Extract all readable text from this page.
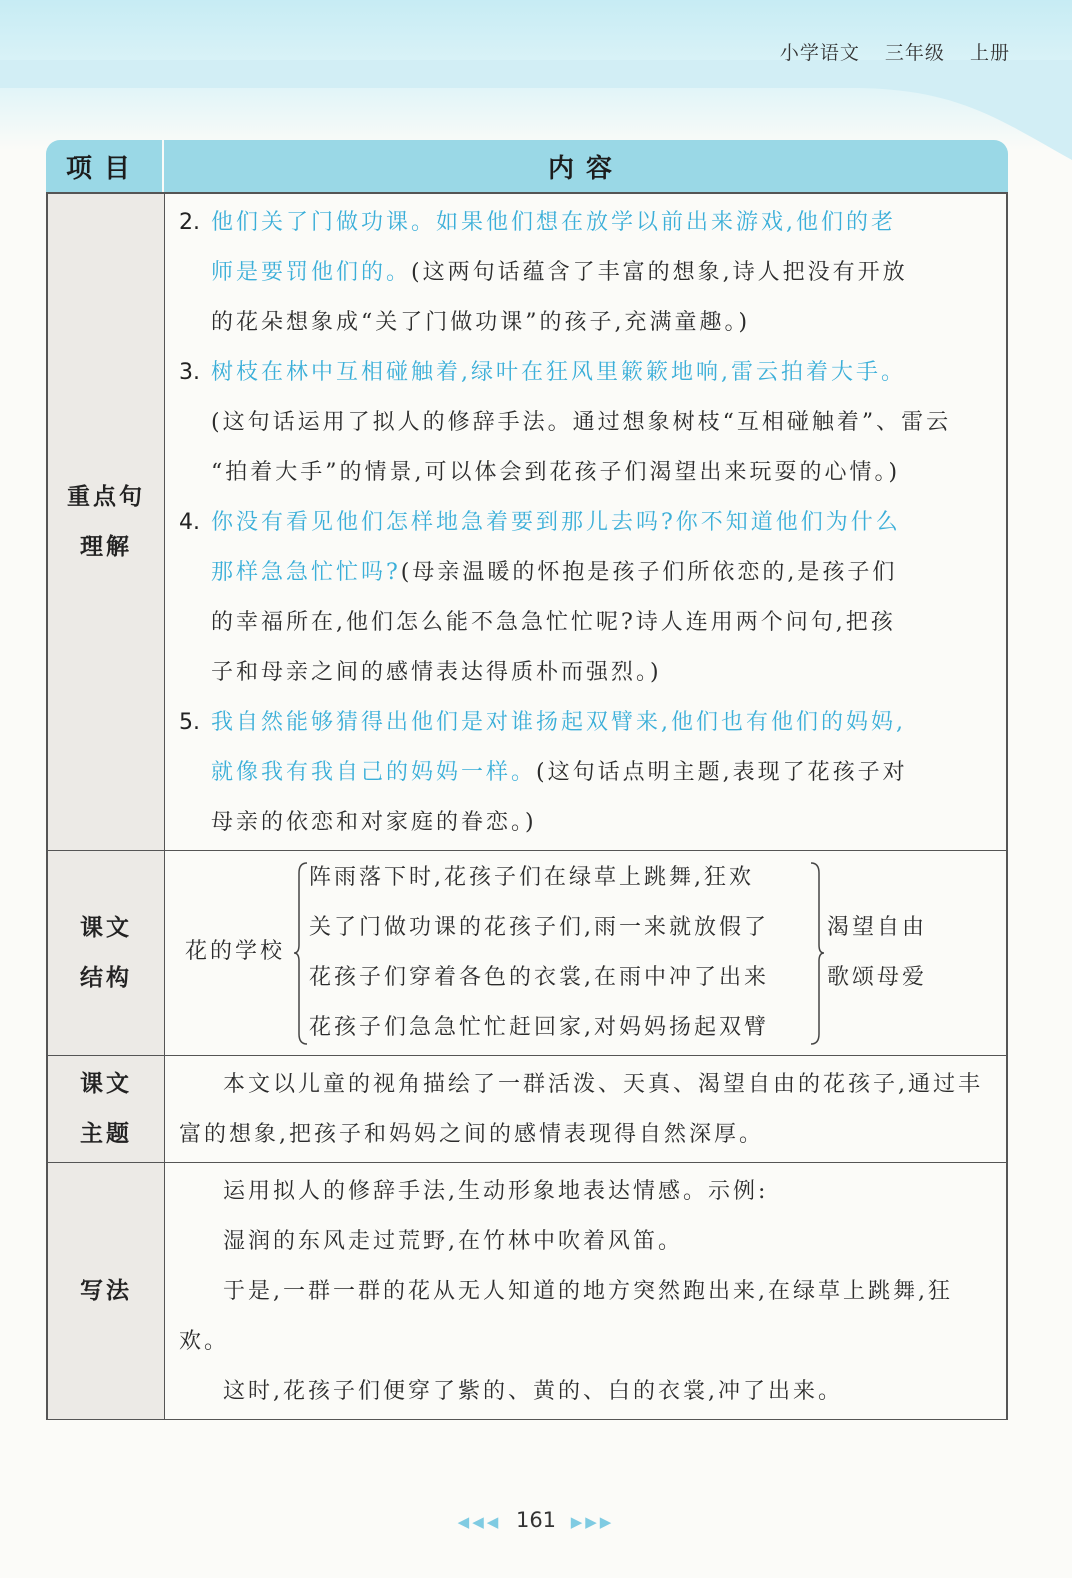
小学语文 三年级 上册
项目	内容
重点句
理解
2. 他们关了门做功课。如果他们想在放学以前出来游戏,他们的老
师是要罚他们的。(这两句话蕴含了丰富的想象,诗人把没有开放
的花朵想象成“关了门做功课”的孩子,充满童趣。)
3. 树枝在林中互相碰触着,绿叶在狂风里簌簌地响,雷云拍着大手。
(这句话运用了拟人的修辞手法。通过想象树枝“互相碰触着”、雷云
“拍着大手”的情景,可以体会到花孩子们渴望出来玩耍的心情。)
4. 你没有看见他们怎样地急着要到那儿去吗?你不知道他们为什么
那样急急忙忙吗?(母亲温暖的怀抱是孩子们所依恋的,是孩子们
的幸福所在,他们怎么能不急急忙忙呢?诗人连用两个问句,把孩
子和母亲之间的感情表达得质朴而强烈。)
5. 我自然能够猜得出他们是对谁扬起双臂来,他们也有他们的妈妈,
就像我有我自己的妈妈一样。(这句话点明主题,表现了花孩子对
母亲的依恋和对家庭的眷恋。)
课文
结构
花的学校
阵雨落下时,花孩子们在绿草上跳舞,狂欢
关了门做功课的花孩子们,雨一来就放假了
花孩子们穿着各色的衣裳,在雨中冲了出来
花孩子们急急忙忙赶回家,对妈妈扬起双臂
渴望自由
歌颂母爱
课文
主题
本文以儿童的视角描绘了一群活泼、天真、渴望自由的花孩子,通过丰富的想象,把孩子和妈妈之间的感情表现得自然深厚。
写法
运用拟人的修辞手法,生动形象地表达情感。示例:
湿润的东风走过荒野,在竹林中吹着风笛。
于是,一群一群的花从无人知道的地方突然跑出来,在绿草上跳舞,狂欢。
这时,花孩子们便穿了紫的、黄的、白的衣裳,冲了出来。
◀◀◀ 161 ▶▶▶
